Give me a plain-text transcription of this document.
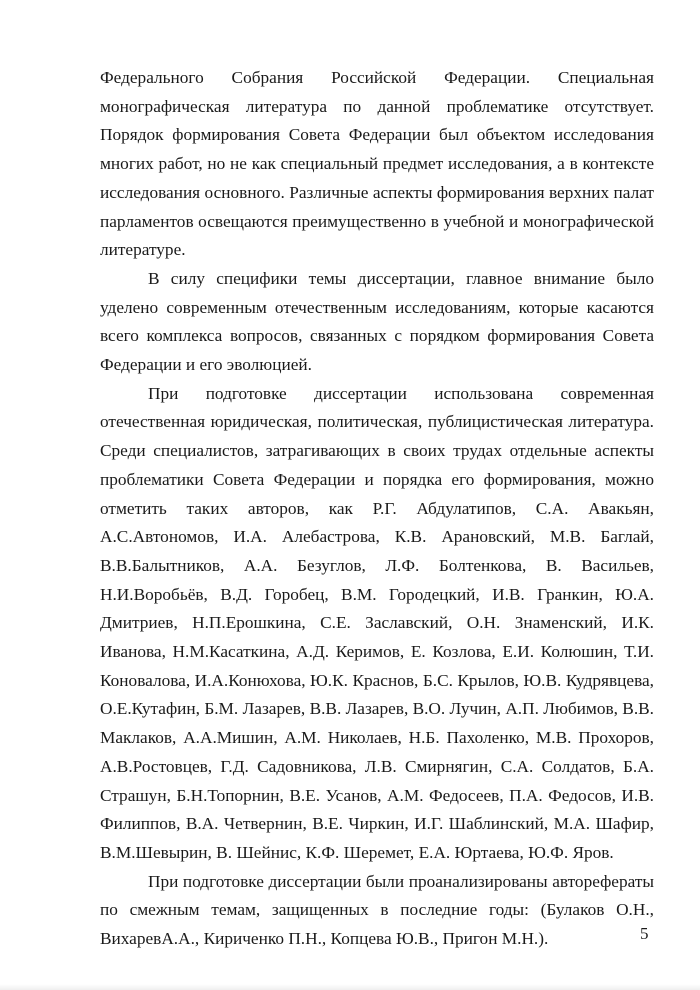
Федерального Собрания Российской Федерации. Специальная монографическая литература по данной проблематике отсутствует. Порядок формирования Совета Федерации был объектом исследования многих работ, но не как специальный предмет исследования, а в контексте исследования основного. Различные аспекты формирования верхних палат парламентов освещаются преимущественно в учебной и монографической литературе.

В силу специфики темы диссертации, главное внимание было уделено современным отечественным исследованиям, которые касаются всего комплекса вопросов, связанных с порядком формирования Совета Федерации и его эволюцией.

При подготовке диссертации использована современная отечественная юридическая, политическая, публицистическая литература. Среди специалистов, затрагивающих в своих трудах отдельные аспекты проблематики Совета Федерации и порядка его формирования, можно отметить таких авторов, как Р.Г. Абдулатипов, С.А. Авакьян, А.С.Автономов, И.А. Алебастрова, К.В. Арановский, М.В. Баглай, В.В.Балытников, А.А. Безуглов, Л.Ф. Болтенкова, В. Васильев, Н.И.Воробьёв, В.Д. Горобец, В.М. Городецкий, И.В. Гранкин, Ю.А. Дмитриев, Н.П.Ерошкина, С.Е. Заславский, О.Н. Знаменский, И.К. Иванова, Н.М.Касаткина, А.Д. Керимов, Е. Козлова, Е.И. Колюшин, Т.И. Коновалова, И.А.Конюхова, Ю.К. Краснов, Б.С. Крылов, Ю.В. Кудрявцева, О.Е.Кутафин, Б.М. Лазарев, В.В. Лазарев, В.О. Лучин, А.П. Любимов, В.В. Маклаков, А.А.Мишин, А.М. Николаев, Н.Б. Пахоленко, М.В. Прохоров, А.В.Ростовцев, Г.Д. Садовникова, Л.В. Смирнягин, С.А. Солдатов, Б.А. Страшун, Б.Н.Топорнин, В.Е. Усанов, А.М. Федосеев, П.А. Федосов, И.В. Филиппов, В.А. Четвернин, В.Е. Чиркин, И.Г. Шаблинский, М.А. Шафир, В.М.Шевырин, В. Шейнис, К.Ф. Шеремет, Е.А. Юртаева, Ю.Ф. Яров.

При подготовке диссертации были проанализированы авторефераты по смежным темам, защищенных в последние годы: (Булаков О.Н., ВихаревА.А., Кириченко П.Н., Копцева Ю.В., Пригон М.Н.).	5
